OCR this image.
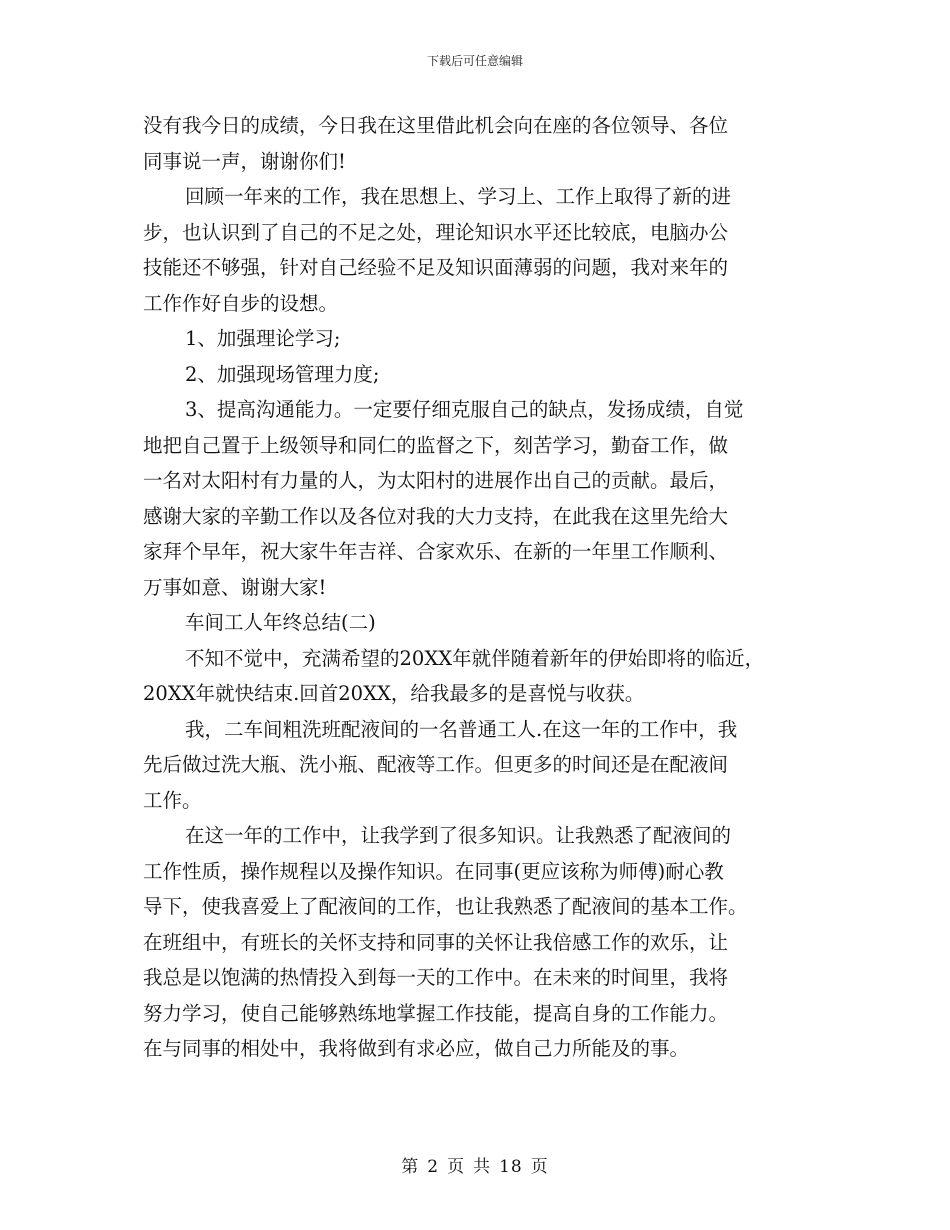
下载后可任意编辑

没有我今日的成绩，今日我在这里借此机会向在座的各位领导、各位
同事说一声，谢谢你们!

回顾一年来的工作，我在思想上、学习上、工作上取得了新的进
步，也认识到了自己的不足之处，理论知识水平还比较底，电脑办公
技能还不够强，针对自己经验不足及知识面薄弱的问题，我对来年的
工作作好自步的设想。

1、加强理论学习;

2、加强现场管理力度;

3、提高沟通能力。一定要仔细克服自己的缺点，发扬成绩，自觉
地把自己置于上级领导和同仁的监督之下，刻苦学习，勤奋工作，做
一名对太阳村有力量的人，为太阳村的进展作出自己的贡献。最后，
感谢大家的辛勤工作以及各位对我的大力支持，在此我在这里先给大
家拜个早年，祝大家牛年吉祥、合家欢乐、在新的一年里工作顺利、
万事如意、谢谢大家!

车间工人年终总结(二)

不知不觉中，充满希望的20XX年就伴随着新年的伊始即将的临近，
20XX年就快结束.回首20XX，给我最多的是喜悦与收获。

我，二车间粗洗班配液间的一名普通工人.在这一年的工作中，我
先后做过洗大瓶、洗小瓶、配液等工作。但更多的时间还是在配液间
工作。

在这一年的工作中，让我学到了很多知识。让我熟悉了配液间的
工作性质，操作规程以及操作知识。在同事(更应该称为师傅)耐心教
导下，使我喜爱上了配液间的工作，也让我熟悉了配液间的基本工作。
在班组中，有班长的关怀支持和同事的关怀让我倍感工作的欢乐，让
我总是以饱满的热情投入到每一天的工作中。在未来的时间里，我将
努力学习，使自己能够熟练地掌握工作技能，提高自身的工作能力。
在与同事的相处中，我将做到有求必应，做自己力所能及的事。

第 2 页 共 18 页
